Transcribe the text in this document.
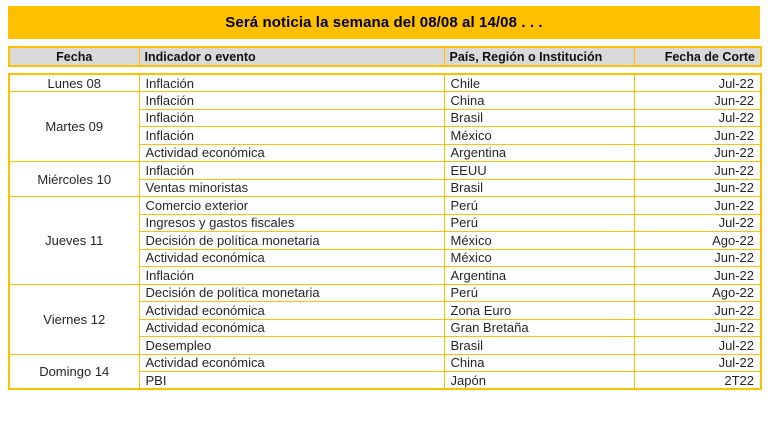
Será noticia la semana del 08/08 al 14/08 . . .
Fecha	Indicador o evento	País, Región o Institución	Fecha de Corte
Lunes 08	Inflación	Chile	Jul-22
Martes 09	Inflación	China	Jun-22
	Inflación	Brasil	Jul-22
	Inflación	México	Jun-22
	Actividad económica	Argentina	Jun-22
Miércoles 10	Inflación	EEUU	Jun-22
	Ventas minoristas	Brasil	Jun-22
Jueves 11	Comercio exterior	Perú	Jun-22
	Ingresos y gastos fiscales	Perú	Jul-22
	Decisión de política monetaria	México	Ago-22
	Actividad económica	México	Jun-22
	Inflación	Argentina	Jun-22
Viernes 12	Decisión de política monetaria	Perú	Ago-22
	Actividad económica	Zona Euro	Jun-22
	Actividad económica	Gran Bretaña	Jun-22
	Desempleo	Brasil	Jul-22
Domingo 14	Actividad económica	China	Jul-22
	PBI	Japón	2T22
